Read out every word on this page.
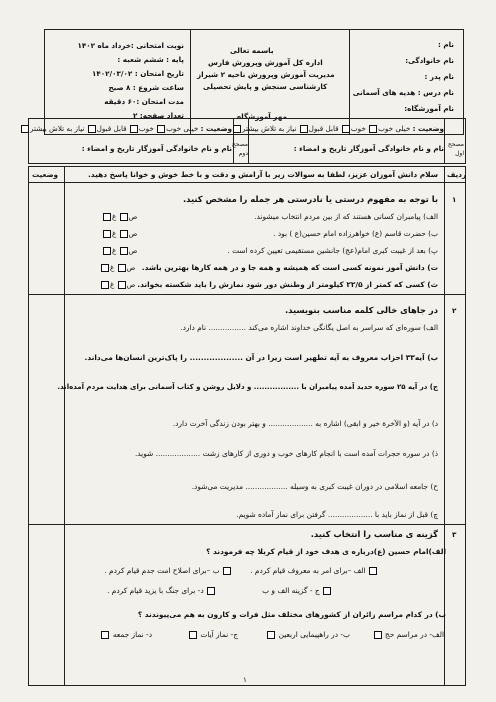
نام :
نام خانوادگی:
نام پدر :
نام درس : هدیه های آسمانی
نام آموزشگاه:
باسمه تعالی
اداره کل آموزش وپرورش فارس
مدیریت آموزش وپرورش ناحیه ۲ شیراز
کارشناسی سنجش و پایش تحصیلی
مهر آموزشگاه
نوبت امتحانی :خرداد ماه ۱۴۰۲
پایه : ششم شعبه :
تاریخ امتحان : ۱۴۰۲/۰۳/۰۲
ساعت شروع : ۸ صبح
مدت امتحان :۶۰ دقیقه
تعداد صفحه: ۲
مصحح اول
مصحح دوم
وضعیت : خیلی خوب خوب قابل قبول نیاز به تلاش بیشتر
نام و نام خانوادگی آموزگار تاریخ و امضاء :
وضعیت : خیلی خوب خوب قابل قبول نیاز به تلاش بیشتر
نام و نام خانوادگی آموزگار تاریخ و امضاء :
ردیف
وضعیت	سلام دانش آموزان عزیز، لطفا به سوالات زیر با آرامش و دقت و با خط خوش و خوانا پاسخ دهید.
۱
با توجه به مفهوم درستی یا نادرستی هر جمله را مشخص کنید.
الف) پیامبران کسانی هستند که از بین مردم انتخاب میشوند.
ب) حضرت قاسم (ع) خواهرزاده امام حسین(ع ) بود .
پ) بعد از غیبت کبری امام(عج) جانشین مستقیمی تعیین کرده است .
ت) دانش آموز نمونه کسی است که همیشه و همه جا و در همه کارها بهترین باشد.
ث) کسی که کمتر از ۲۲/۵ کیلومتر از وطنش دور شود نمازش را باید شکسته بخواند.
ص غ
ص غ
ص غ
ص غ
ص غ
۲
در جاهای خالی کلمه مناسب بنویسید.
الف) سوره‌ای که سراسر به اصل یگانگی خداوند اشاره می‌کند ................ نام دارد.
ب) آیه۳۳ احزاب معروف به آیه تطهیر است زیرا در آن ................... را پاک‌ترین انسان‌ها می‌داند.
ج) در آیه ۲۵ سوره حدید آمده پیامبران با ................. و دلایل روشن و کتاب آسمانی برای هدایت مردم آمده‌اند.
د) در آیه (و الآخرة خیر و ابقی) اشاره به ................... و بهتر بودن زندگی آخرت دارد.
ذ) در سوره حجرات آمده است با انجام کارهای خوب و دوری از کارهای زشت ................... شوید.
ح) جامعه اسلامی در دوران غیبت کبری به وسیله .................. مدیریت می‌شود.
چ) قبل از نماز باید با ................... گرفتن برای نماز آماده شویم.
۳
گزینه ی مناسب را انتخاب کنید.
الف)امام حسین (ع)درباره ی هدف خود از قیام کربلا چه فرمودند ؟
الف –برای امر به معروف قیام کردم .
ب –برای اصلاح امت جدم قیام کردم .
ج - گزینه الف و ب
د- برای جنگ با یزید قیام کردم .
ب) در کدام مراسم زائران از کشورهای مختلف مثل فرات و کارون به هم می‌پیوندند ؟
الف- در مراسم حج
ب- در راهپیمایی اربعین
ج- نماز آیات
د- نماز جمعه
۱
